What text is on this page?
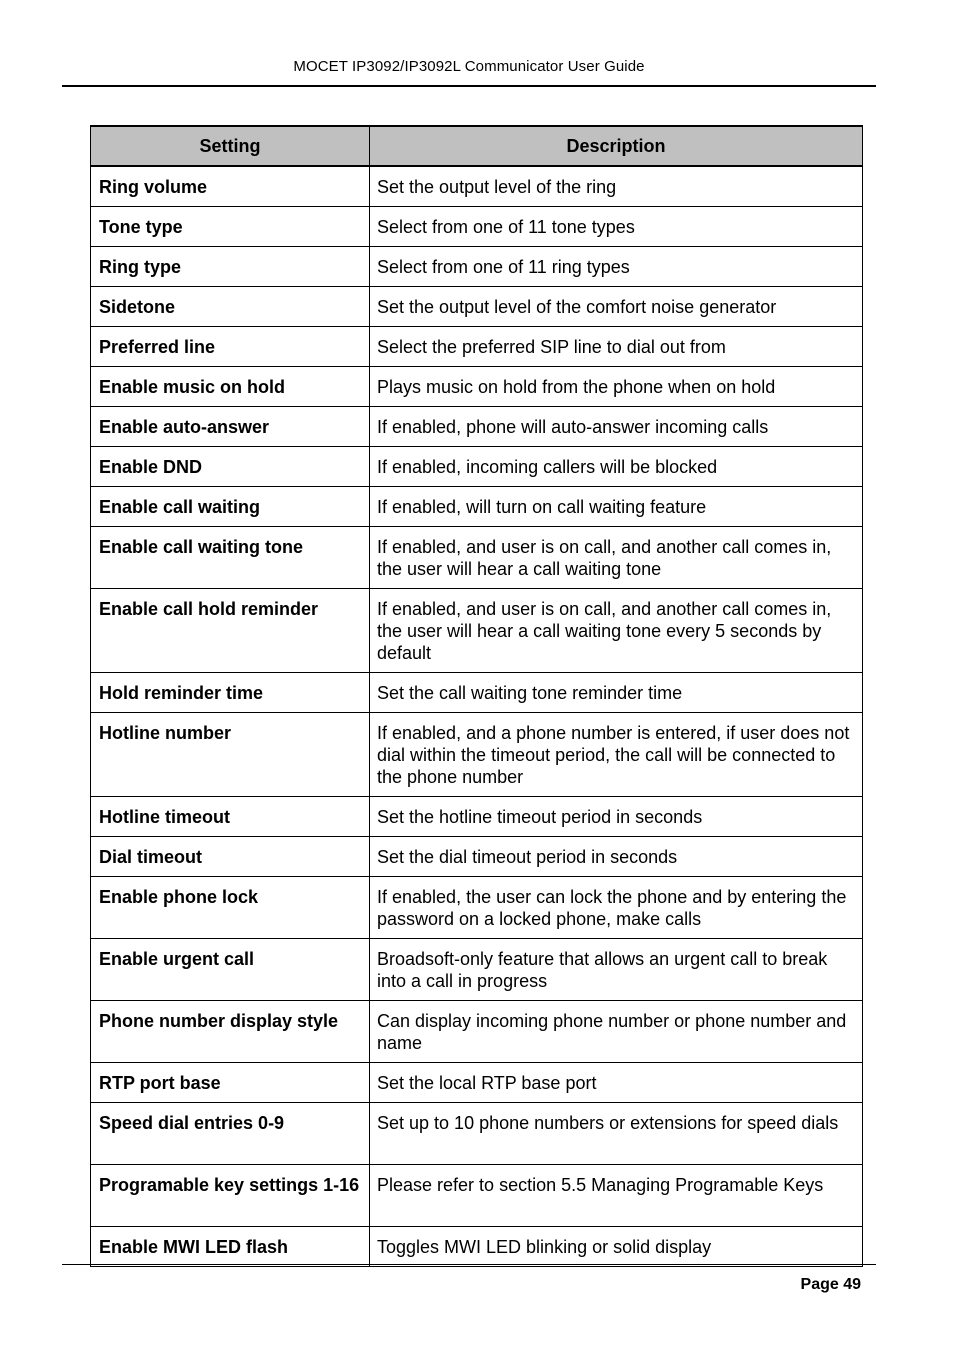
MOCET IP3092/IP3092L Communicator User Guide
Setting	Description
Ring volume	Set the output level of the ring
Tone type	Select from one of 11 tone types
Ring type	Select from one of 11 ring types
Sidetone	Set the output level of the comfort noise generator
Preferred line	Select the preferred SIP line to dial out from
Enable music on hold	Plays music on hold from the phone when on hold
Enable auto-answer	If enabled, phone will auto-answer incoming calls
Enable DND	If enabled, incoming callers will be blocked
Enable call waiting	If enabled, will turn on call waiting feature
Enable call waiting tone	If enabled, and user is on call, and another call comes in, the user will hear a call waiting tone
Enable call hold reminder	If enabled, and user is on call, and another call comes in, the user will hear a call waiting tone every 5 seconds by default
Hold reminder time	Set the call waiting tone reminder time
Hotline number	If enabled, and a phone number is entered, if user does not dial within the timeout period, the call will be connected to the phone number
Hotline timeout	Set the hotline timeout period in seconds
Dial timeout	Set the dial timeout period in seconds
Enable phone lock	If enabled, the user can lock the phone and by entering the password on a locked phone, make calls
Enable urgent call	Broadsoft-only feature that allows an urgent call to break into a call in progress
Phone number display style	Can display incoming phone number or phone number and name
RTP port base	Set the local RTP base port
Speed dial entries 0-9	Set up to 10 phone numbers or extensions for speed dials
Programable key settings 1-16	Please refer to section 5.5 Managing Programable Keys
Enable MWI LED flash	Toggles MWI LED blinking or solid display
Page 49
